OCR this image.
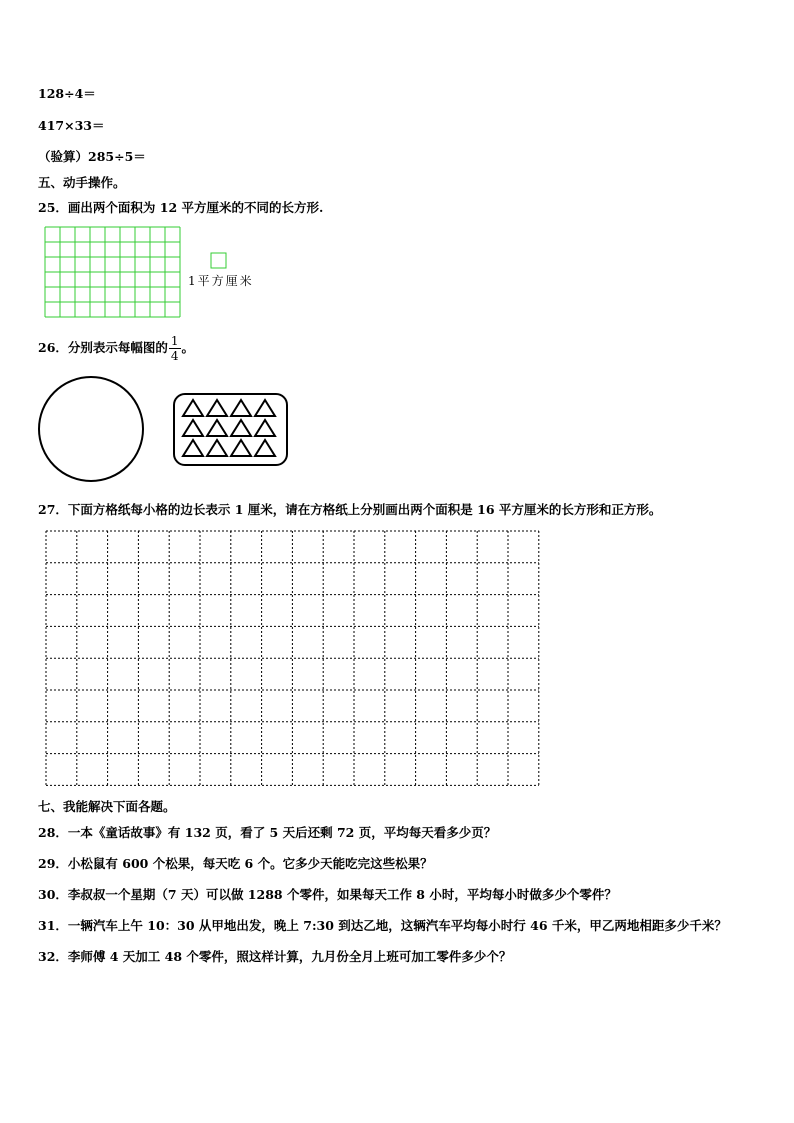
128÷4＝
417×33＝
（验算）285÷5＝
五、动手操作。
25．画出两个面积为 12 平方厘米的不同的长方形.
1平方厘米
26．分别表示每幅图的 $\frac{1}{4}$ 。
27．下面方格纸每小格的边长表示 1 厘米，请在方格纸上分别画出两个面积是 16 平方厘米的长方形和正方形。
七、我能解决下面各题。
28．一本《童话故事》有 132 页，看了 5 天后还剩 72 页，平均每天看多少页？
29．小松鼠有 600 个松果，每天吃 6 个。它多少天能吃完这些松果？
30．李叔叔一个星期（7 天）可以做 1288 个零件，如果每天工作 8 小时，平均每小时做多少个零件？
31．一辆汽车上午 10：30 从甲地出发，晚上 7:30 到达乙地，这辆汽车平均每小时行 46 千米，甲乙两地相距多少千米？
32．李师傅 4 天加工 48 个零件，照这样计算，九月份全月上班可加工零件多少个？
